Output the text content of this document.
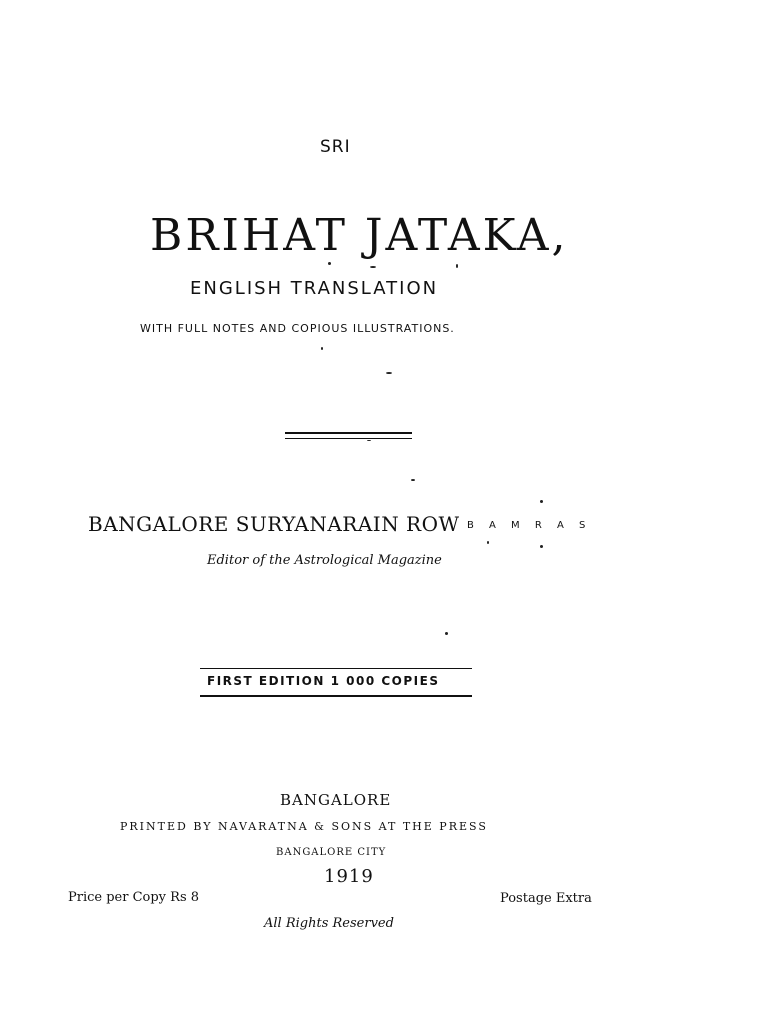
SRI
BRIHAT JATAKA,
ENGLISH TRANSLATION
WITH FULL NOTES AND COPIOUS ILLUSTRATIONS.
BANGALORE SURYANARAIN ROW B A M R A S
Editor of the Astrological Magazine
FIRST EDITION 1 000 COPIES
BANGALORE
PRINTED BY NAVARATNA & SONS AT THE PRESS
BANGALORE CITY
1919
Price per Copy Rs 8	Postage Extra
All Rights Reserved
